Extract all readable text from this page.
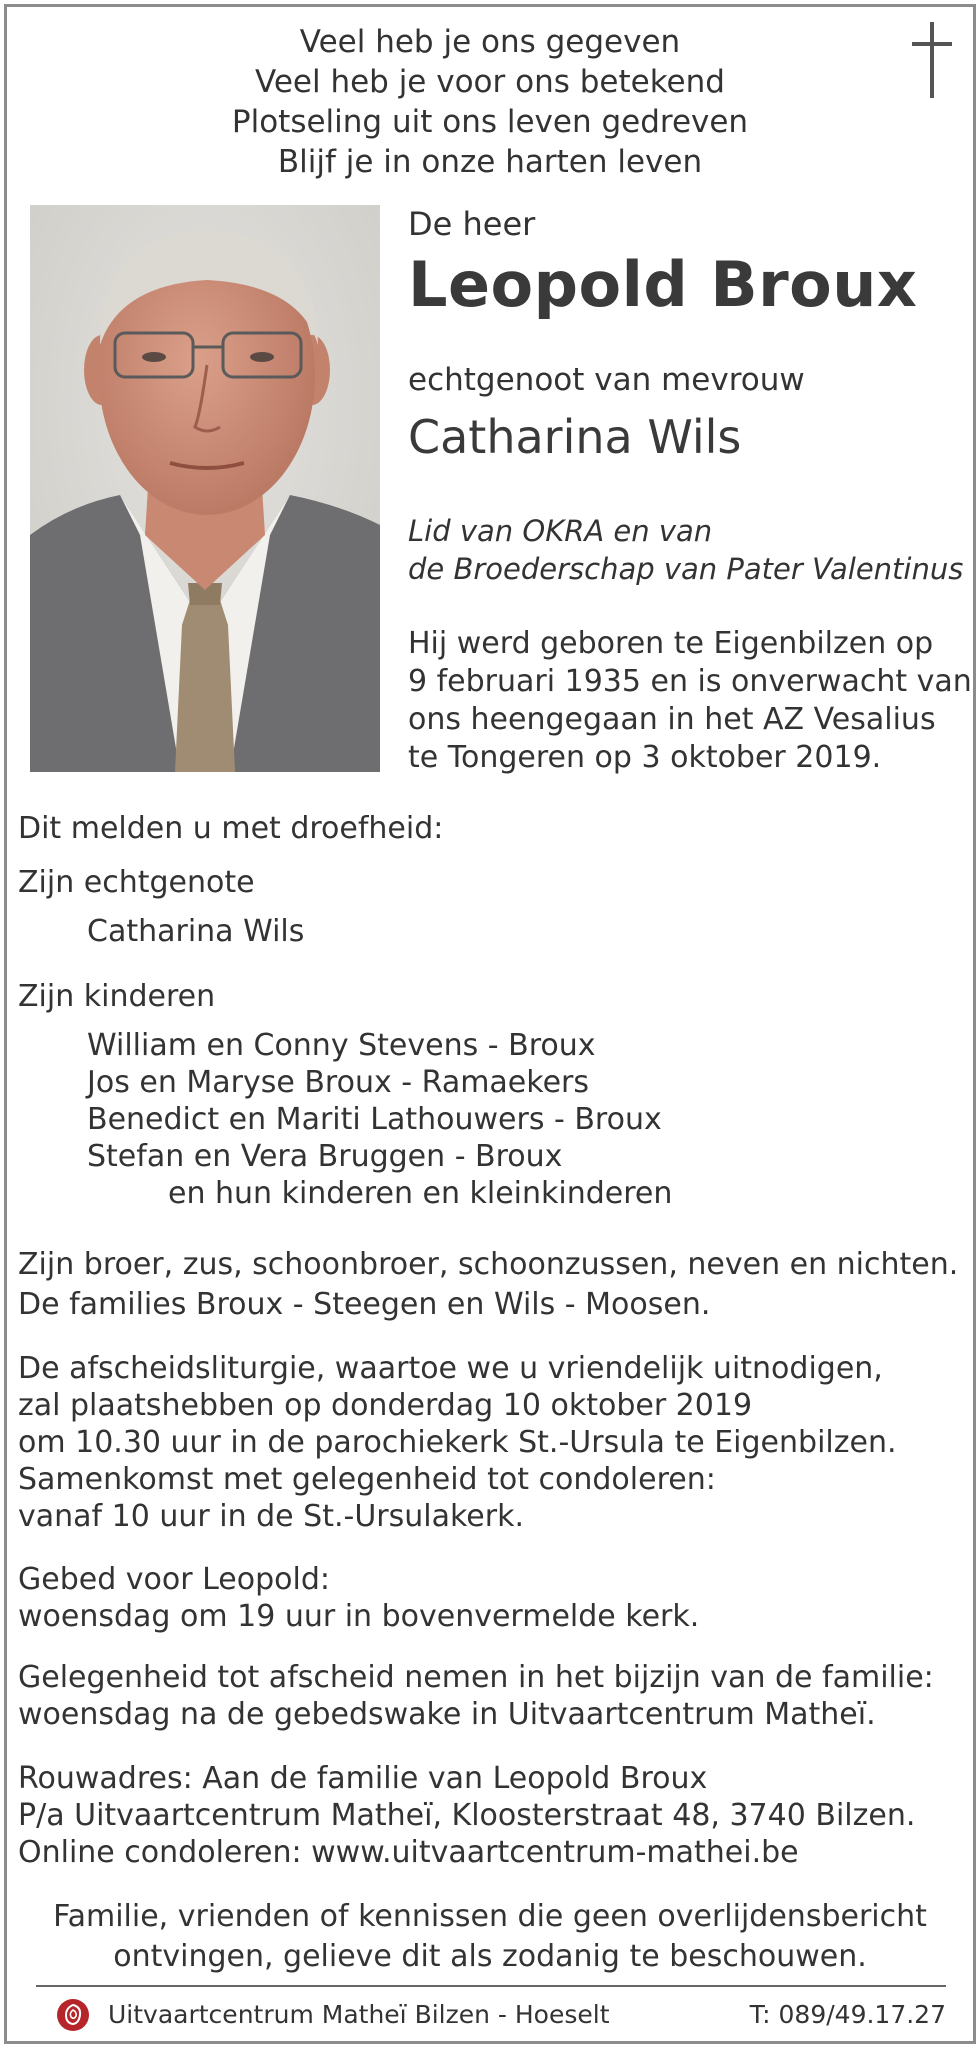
Veel heb je ons gegeven
Veel heb je voor ons betekend
Plotseling uit ons leven gedreven
Blijf je in onze harten leven
De heer
Leopold Broux
echtgenoot van mevrouw
Catharina Wils
Lid van OKRA en van
de Broederschap van Pater Valentinus
Hij werd geboren te Eigenbilzen op
9 februari 1935 en is onverwacht van
ons heengegaan in het AZ Vesalius
te Tongeren op 3 oktober 2019.
Dit melden u met droefheid:
Zijn echtgenote
Catharina Wils
Zijn kinderen
William en Conny Stevens - Broux
Jos en Maryse Broux - Ramaekers
Benedict en Mariti Lathouwers - Broux
Stefan en Vera Bruggen - Broux
en hun kinderen en kleinkinderen
Zijn broer, zus, schoonbroer, schoonzussen, neven en nichten.
De families Broux - Steegen en Wils - Moosen.
De afscheidsliturgie, waartoe we u vriendelijk uitnodigen,
zal plaatshebben op donderdag 10 oktober 2019
om 10.30 uur in de parochiekerk St.-Ursula te Eigenbilzen.
Samenkomst met gelegenheid tot condoleren:
vanaf 10 uur in de St.-Ursulakerk.
Gebed voor Leopold:
woensdag om 19 uur in bovenvermelde kerk.
Gelegenheid tot afscheid nemen in het bijzijn van de familie:
woensdag na de gebedswake in Uitvaartcentrum Matheï.
Rouwadres: Aan de familie van Leopold Broux
P/a Uitvaartcentrum Matheï, Kloosterstraat 48, 3740 Bilzen.
Online condoleren: www.uitvaartcentrum-mathei.be
Familie, vrienden of kennissen die geen overlijdensbericht
ontvingen, gelieve dit als zodanig te beschouwen.
Uitvaartcentrum Matheï Bilzen - Hoeselt	T: 089/49.17.27
